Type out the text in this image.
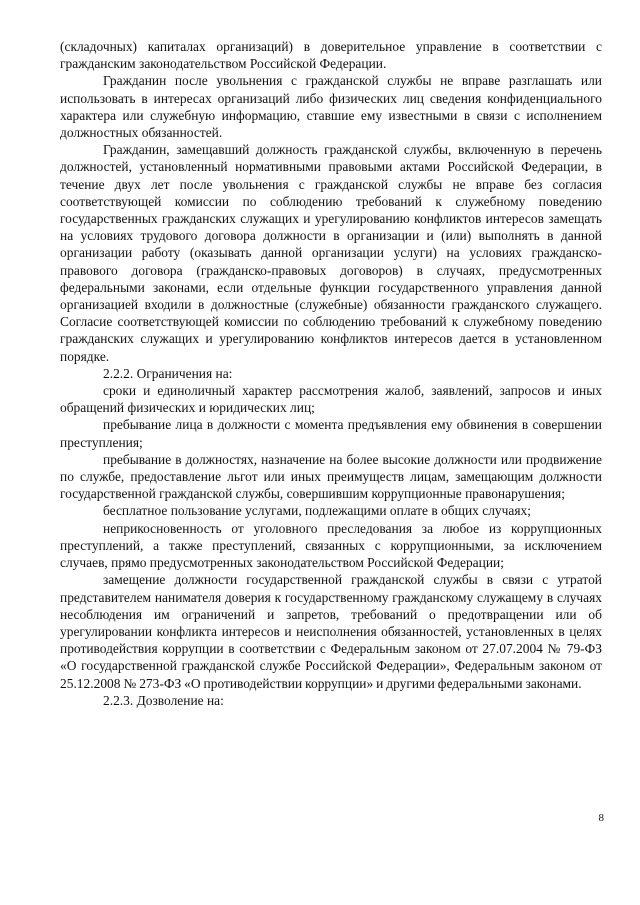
(складочных) капиталах организаций) в доверительное управление в соответствии с гражданским законодательством Российской Федерации.

Гражданин после увольнения с гражданской службы не вправе разглашать или использовать в интересах организаций либо физических лиц сведения конфиденциального характера или служебную информацию, ставшие ему известными в связи с исполнением должностных обязанностей.

Гражданин, замещавший должность гражданской службы, включенную в перечень должностей, установленный нормативными правовыми актами Российской Федерации, в течение двух лет после увольнения с гражданской службы не вправе без согласия соответствующей комиссии по соблюдению требований к служебному поведению государственных гражданских служащих и урегулированию конфликтов интересов замещать на условиях трудового договора должности в организации и (или) выполнять в данной организации работу (оказывать данной организации услуги) на условиях гражданско-правового договора (гражданско-правовых договоров) в случаях, предусмотренных федеральными законами, если отдельные функции государственного управления данной организацией входили в должностные (служебные) обязанности гражданского служащего. Согласие соответствующей комиссии по соблюдению требований к служебному поведению гражданских служащих и урегулированию конфликтов интересов дается в установленном порядке.

2.2.2. Ограничения на:

сроки и единоличный характер рассмотрения жалоб, заявлений, запросов и иных обращений физических и юридических лиц;

пребывание лица в должности с момента предъявления ему обвинения в совершении преступления;

пребывание в должностях, назначение на более высокие должности или продвижение по службе, предоставление льгот или иных преимуществ лицам, замещающим должности государственной гражданской службы, совершившим коррупционные правонарушения;

бесплатное пользование услугами, подлежащими оплате в общих случаях;

неприкосновенность от уголовного преследования за любое из коррупционных преступлений, а также преступлений, связанных с коррупционными, за исключением случаев, прямо предусмотренных законодательством Российской Федерации;

замещение должности государственной гражданской службы в связи с утратой представителем нанимателя доверия к государственному гражданскому служащему в случаях несоблюдения им ограничений и запретов, требований о предотвращении или об урегулировании конфликта интересов и неисполнения обязанностей, установленных в целях противодействия коррупции в соответствии с Федеральным законом от 27.07.2004 № 79-ФЗ «О государственной гражданской службе Российской Федерации», Федеральным законом от 25.12.2008 № 273-ФЗ «О противодействии коррупции» и другими федеральными законами.

2.2.3. Дозволение на:

8
